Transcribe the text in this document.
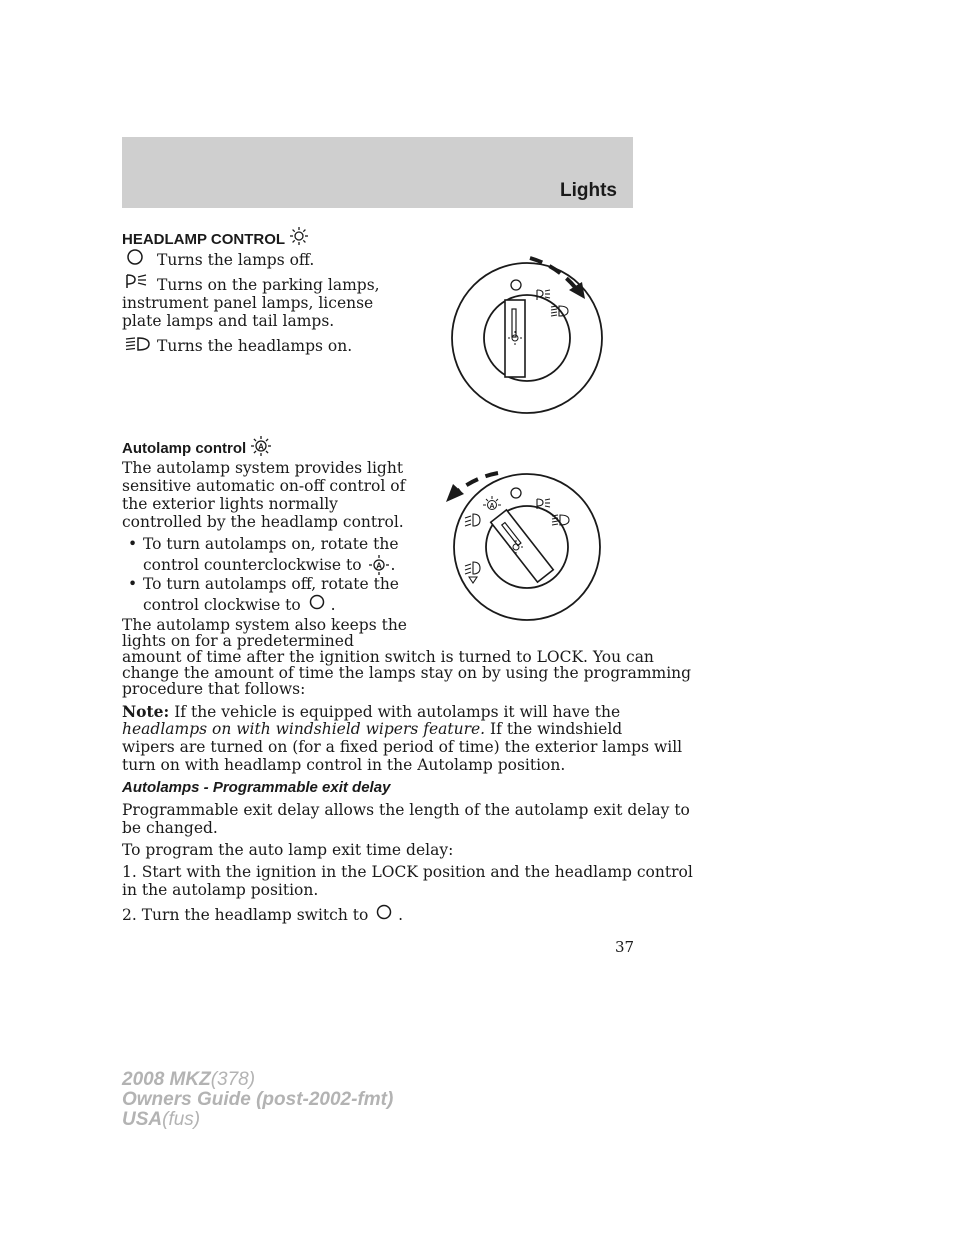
Lights
HEADLAMP CONTROL
Turns the lamps off.
Turns on the parking lamps,
instrument panel lamps, license
plate lamps and tail lamps.
Turns the headlamps on.
Autolamp control A
The autolamp system provides light
sensitive automatic on-off control of
the exterior lights normally
controlled by the headlamp control.
• To turn autolamps on, rotate the
control counterclockwise to A .
• To turn autolamps off, rotate the
control clockwise to  .
The autolamp system also keeps the
lights on for a predetermined
amount of time after the ignition switch is turned to LOCK. You can
change the amount of time the lamps stay on by using the programming
procedure that follows:
Note: If the vehicle is equipped with autolamps it will have the
headlamps on with windshield wipers feature. If the windshield
wipers are turned on (for a fixed period of time) the exterior lamps will
turn on with headlamp control in the Autolamp position.
A
Autolamps - Programmable exit delay
Programmable exit delay allows the length of the autolamp exit delay to
be changed.
To program the auto lamp exit time delay:
1. Start with the ignition in the LOCK position and the headlamp control
in the autolamp position.
2. Turn the headlamp switch to  .
37
2008 MKZ(378)
Owners Guide (post-2002-fmt)
USA(fus)
